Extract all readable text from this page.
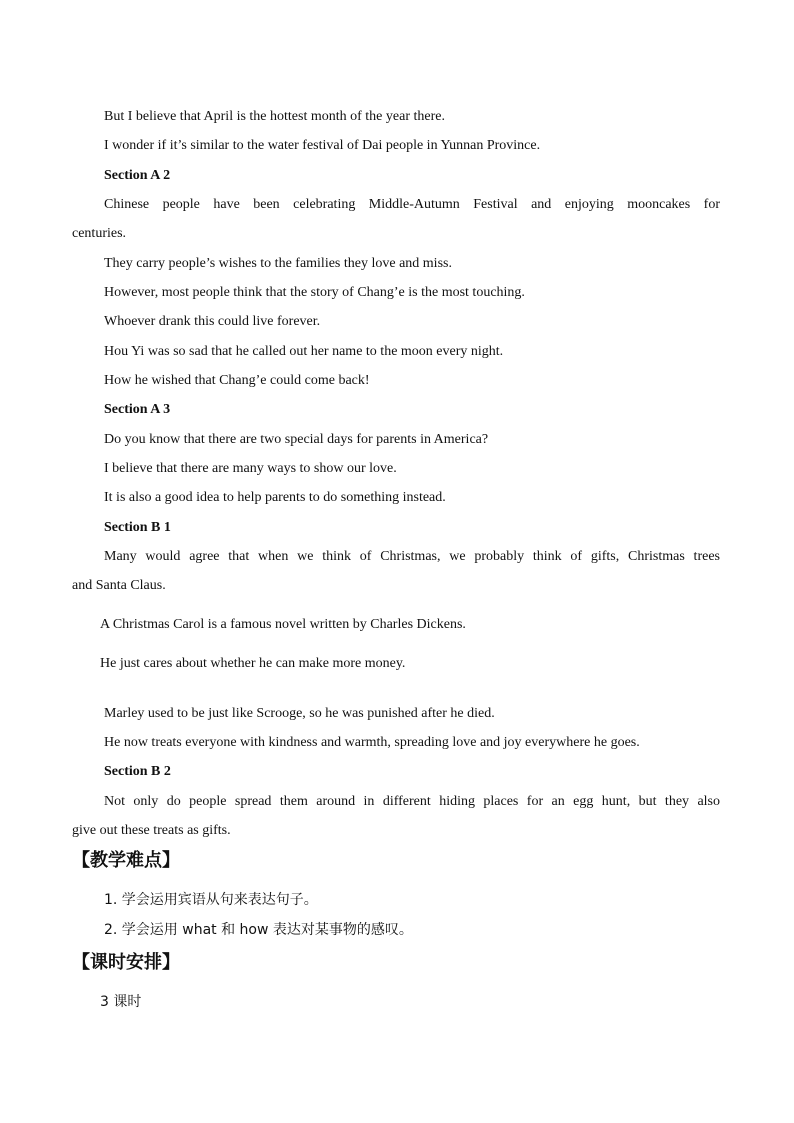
But I believe that April is the hottest month of the year there.
I wonder if it’s similar to the water festival of Dai people in Yunnan Province.
Section A 2
Chinese people have been celebrating Middle-Autumn Festival and enjoying mooncakes for
centuries.
They carry people’s wishes to the families they love and miss.
However, most people think that the story of Chang’e is the most touching.
Whoever drank this could live forever.
Hou Yi was so sad that he called out her name to the moon every night.
How he wished that Chang’e could come back!
Section A 3
Do you know that there are two special days for parents in America?
I believe that there are many ways to show our love.
It is also a good idea to help parents to do something instead.
Section B 1
Many would agree that when we think of Christmas, we probably think of gifts, Christmas trees
and Santa Claus.
A Christmas Carol is a famous novel written by Charles Dickens.
He just cares about whether he can make more money.
Marley used to be just like Scrooge, so he was punished after he died.
He now treats everyone with kindness and warmth, spreading love and joy everywhere he goes.
Section B 2
Not only do people spread them around in different hiding places for an egg hunt, but they also
give out these treats as gifts.
【教学难点】
1. 学会运用宾语从句来表达句子。
2. 学会运用 what 和 how 表达对某事物的感叹。
【课时安排】
3 课时
